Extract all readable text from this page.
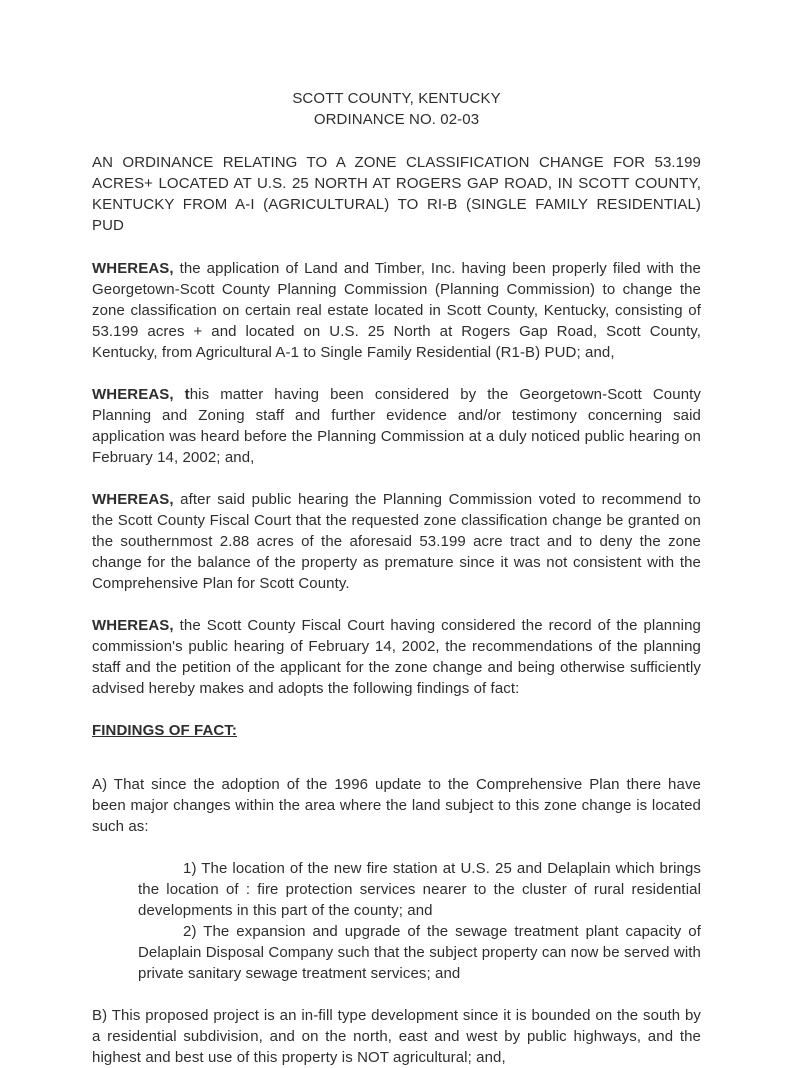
SCOTT COUNTY, KENTUCKY
ORDINANCE NO. 02-03

AN ORDINANCE RELATING TO A ZONE CLASSIFICATION CHANGE FOR 53.199 ACRES+ LOCATED AT U.S. 25 NORTH AT ROGERS GAP ROAD, IN SCOTT COUNTY, KENTUCKY FROM A-I (AGRICULTURAL) TO RI-B (SINGLE FAMILY RESIDENTIAL) PUD

WHEREAS, the application of Land and Timber, Inc. having been properly filed with the Georgetown-Scott County Planning Commission (Planning Commission) to change the zone classification on certain real estate located in Scott County, Kentucky, consisting of 53.199 acres + and located on U.S. 25 North at Rogers Gap Road, Scott County, Kentucky, from Agricultural A-1 to Single Family Residential (R1-B) PUD; and,

WHEREAS, this matter having been considered by the Georgetown-Scott County Planning and Zoning staff and further evidence and/or testimony concerning said application was heard before the Planning Commission at a duly noticed public hearing on February 14, 2002; and,

WHEREAS, after said public hearing the Planning Commission voted to recommend to the Scott County Fiscal Court that the requested zone classification change be granted on the southernmost 2.88 acres of the aforesaid 53.199 acre tract and to deny the zone change for the balance of the property as premature since it was not consistent with the Comprehensive Plan for Scott County.

WHEREAS, the Scott County Fiscal Court having considered the record of the planning commission's public hearing of February 14, 2002, the recommendations of the planning staff and the petition of the applicant for the zone change and being otherwise sufficiently advised hereby makes and adopts the following findings of fact:

FINDINGS OF FACT:

A) That since the adoption of the 1996 update to the Comprehensive Plan there have been major changes within the area where the land subject to this zone change is located such as:

1) The location of the new fire station at U.S. 25 and Delaplain which brings the location of : fire protection services nearer to the cluster of rural residential developments in this part of the county; and

2) The expansion and upgrade of the sewage treatment plant capacity of Delaplain Disposal Company such that the subject property can now be served with private sanitary sewage treatment services; and

B) This proposed project is an in-fill type development since it is bounded on the south by a residential subdivision, and on the north, east and west by public highways, and the highest and best use of this property is NOT agricultural; and,
